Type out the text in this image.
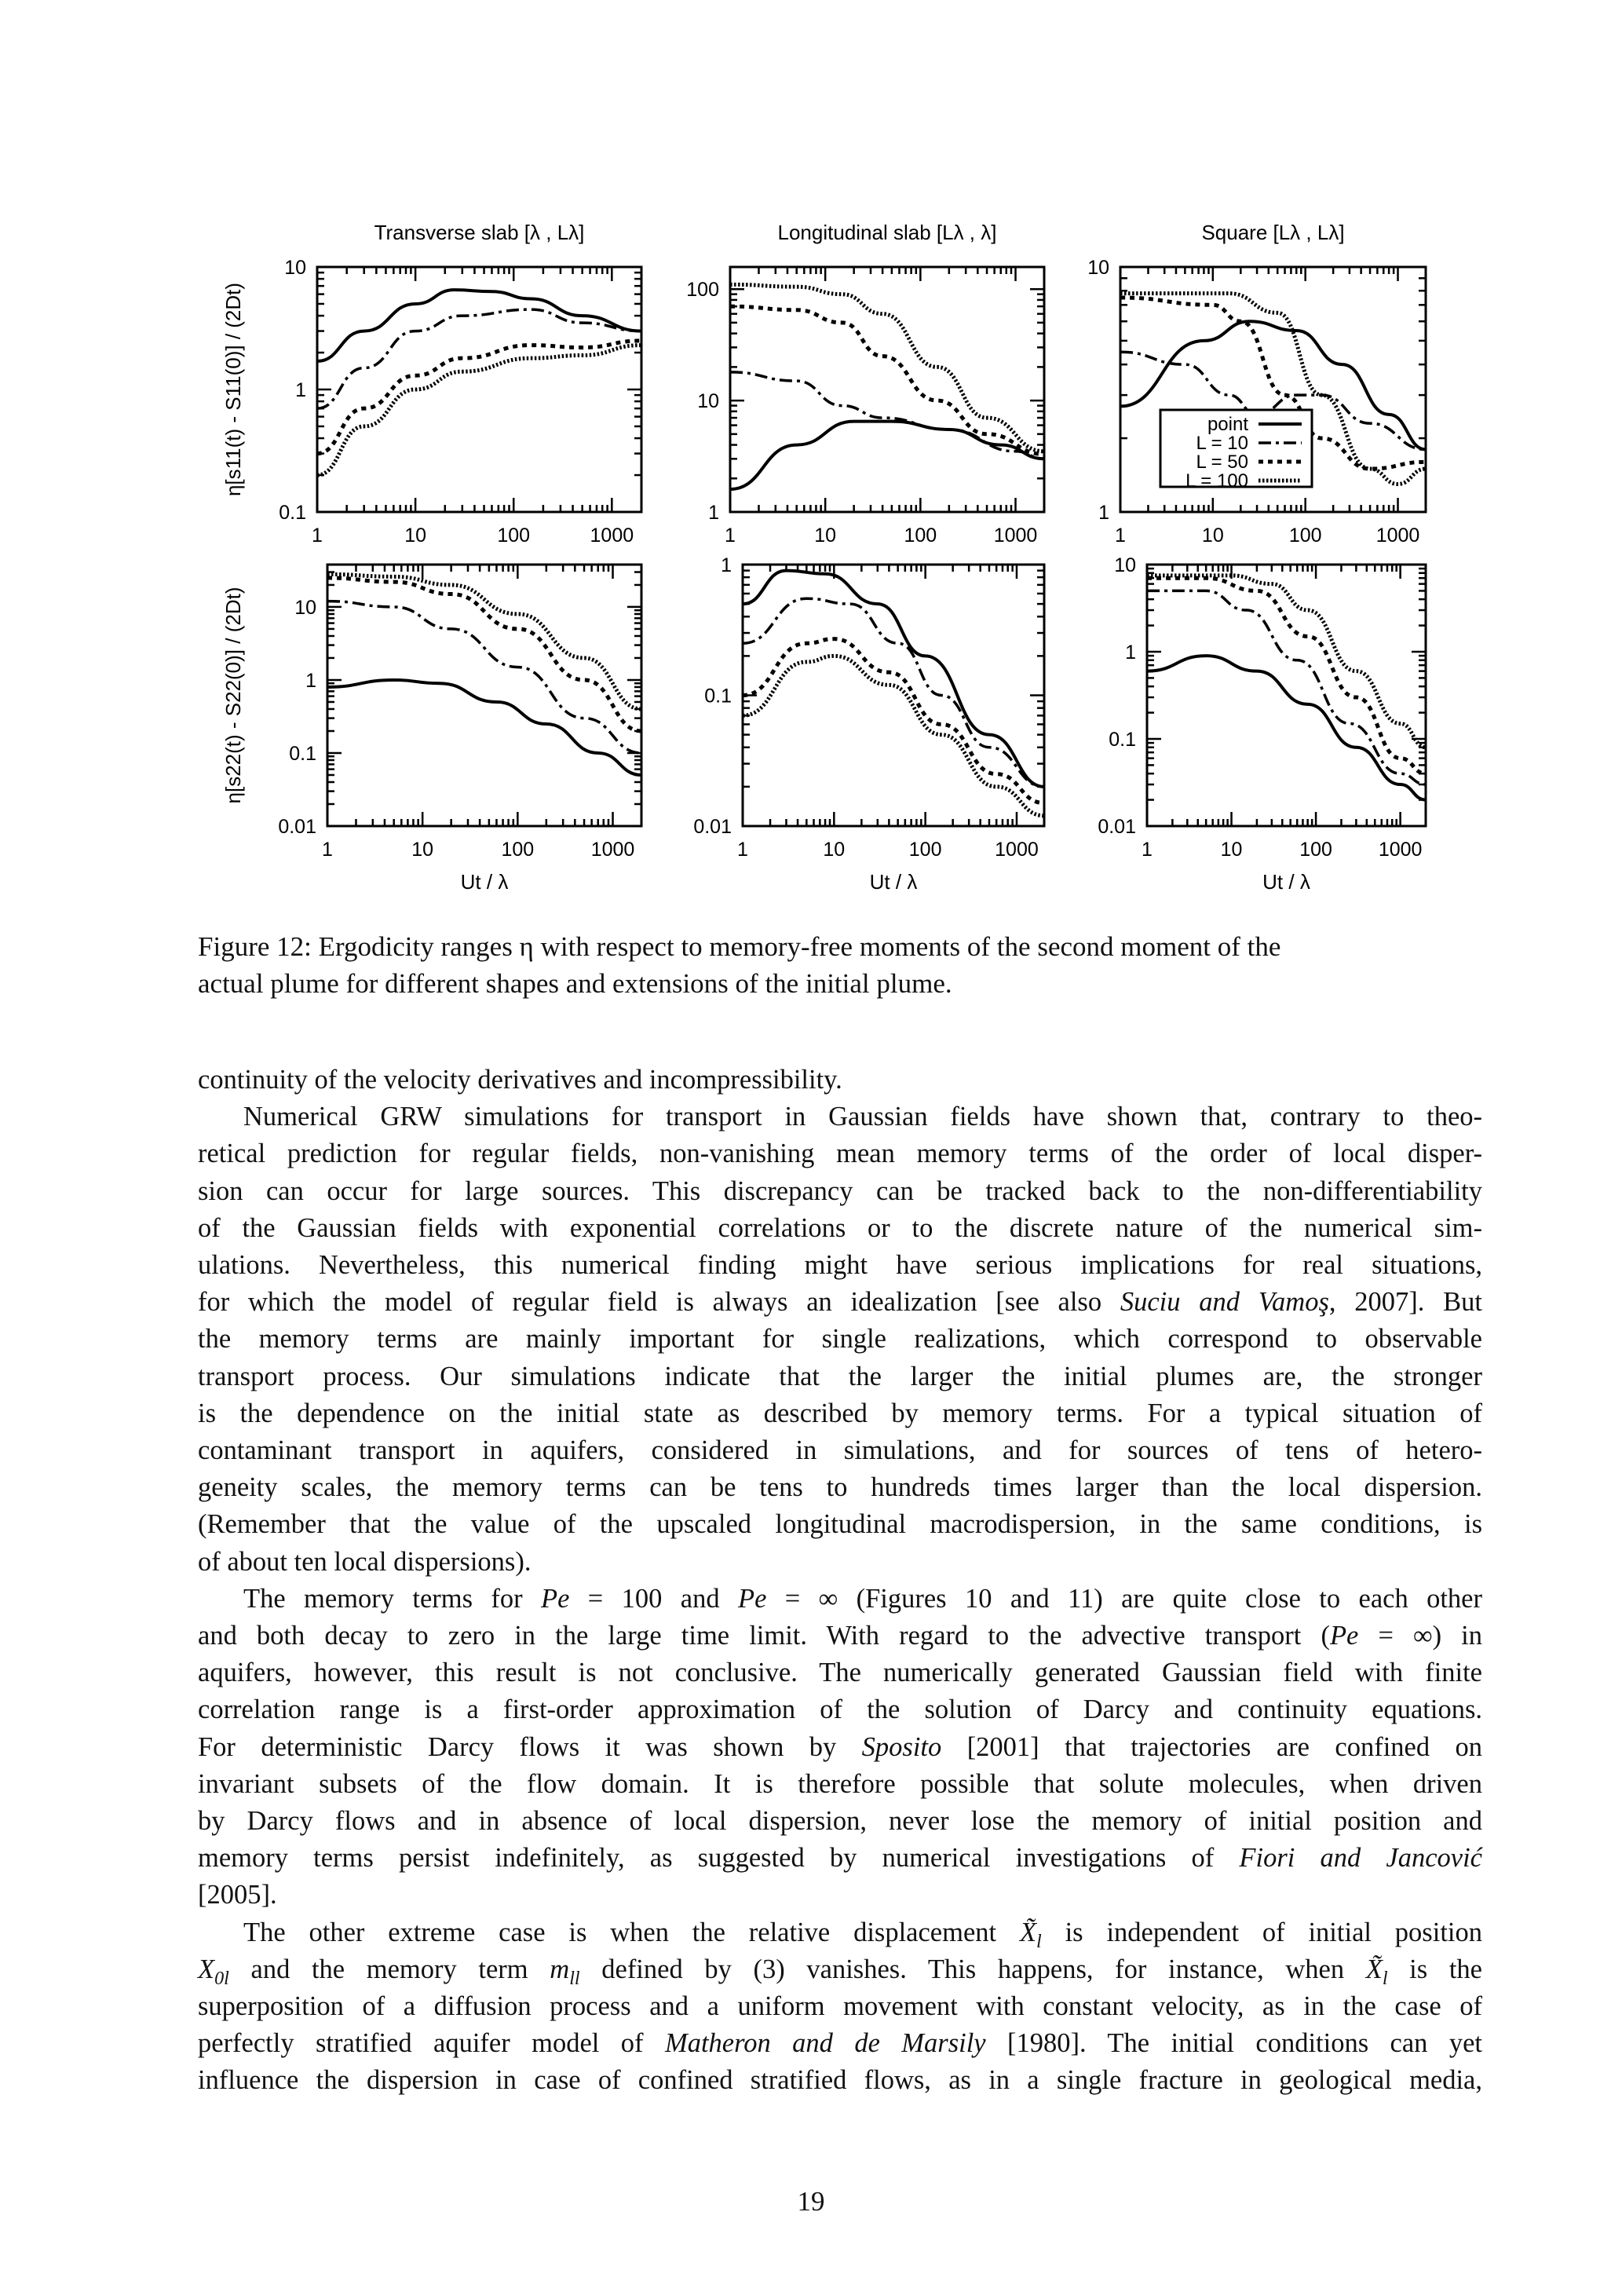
1	10	100	1000
0.1
1
10
Transverse slab [λ , Lλ]
η[s11(t) - S11(0)] / (2Dt)
1	10	100	1000
1
10
100
Longitudinal slab [Lλ , λ]
1	10	100	1000
1
10
Square [Lλ , Lλ]
point
L = 10
L = 50
L = 100
1	10	100	1000
0.01
0.1
1
10
η[s22(t) - S22(0)] / (2Dt)
Ut / λ
1	10	100	1000
0.01
0.1
1
Ut / λ
1	10	100 1000
0.01
0.1
1
10
Ut / λ
Figure 12: Ergodicity ranges η with respect to memory-free moments of the second moment of the
actual plume for different shapes and extensions of the initial plume.
continuity of the velocity derivatives and incompressibility.
Numerical GRW simulations for transport in Gaussian fields have shown that, contrary to theo-
retical prediction for regular fields, non-vanishing mean memory terms of the order of local disper-
sion can occur for large sources. This discrepancy can be tracked back to the non-differentiability
of the Gaussian fields with exponential correlations or to the discrete nature of the numerical sim-
ulations. Nevertheless, this numerical finding might have serious implications for real situations,
for which the model of regular field is always an idealization [see also Suciu and Vamoş, 2007]. But
the memory terms are mainly important for single realizations, which correspond to observable
transport process. Our simulations indicate that the larger the initial plumes are, the stronger
is the dependence on the initial state as described by memory terms. For a typical situation of
contaminant transport in aquifers, considered in simulations, and for sources of tens of hetero-
geneity scales, the memory terms can be tens to hundreds times larger than the local dispersion.
(Remember that the value of the upscaled longitudinal macrodispersion, in the same conditions, is
of about ten local dispersions).
The memory terms for Pe = 100 and Pe = ∞ (Figures 10 and 11) are quite close to each other
and both decay to zero in the large time limit. With regard to the advective transport (Pe = ∞) in
aquifers, however, this result is not conclusive. The numerically generated Gaussian field with finite
correlation range is a first-order approximation of the solution of Darcy and continuity equations.
For deterministic Darcy flows it was shown by Sposito [2001] that trajectories are confined on
invariant subsets of the flow domain. It is therefore possible that solute molecules, when driven
by Darcy flows and in absence of local dispersion, never lose the memory of initial position and
memory terms persist indefinitely, as suggested by numerical investigations of Fiori and Jancović
[2005].
The other extreme case is when the relative displacement $X̃_l$ is independent of initial position
$X_{0l}$ and the memory term $m_{ll}$ defined by (3) vanishes. This happens, for instance, when $X̃_l$ is the
superposition of a diffusion process and a uniform movement with constant velocity, as in the case of
perfectly stratified aquifer model of Matheron and de Marsily [1980]. The initial conditions can yet
influence the dispersion in case of confined stratified flows, as in a single fracture in geological media,
19
